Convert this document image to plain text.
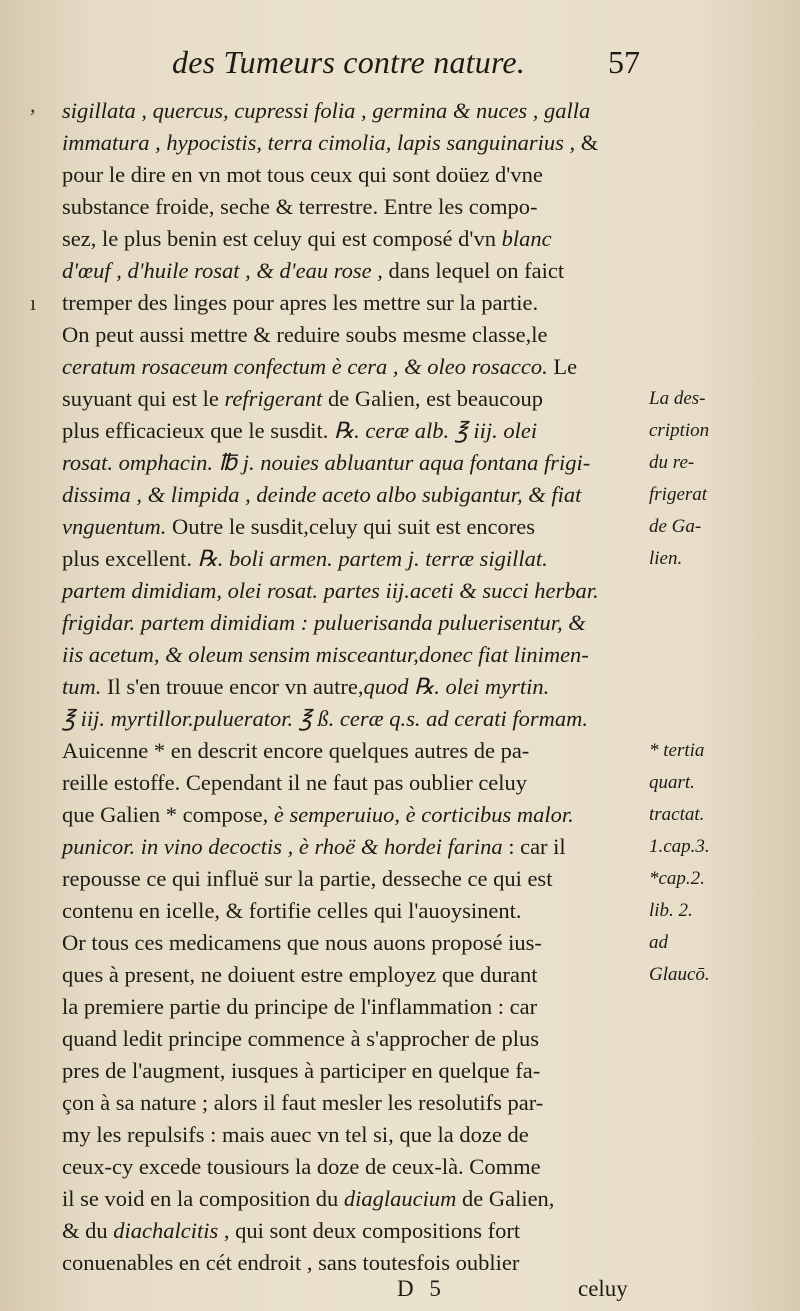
des Tumeurs contre nature.	57
sigillata , quercus, cupressi folia , germina & nuces , galla
immatura , hypocistis, terra cimolia, lapis sanguinarius , &
pour le dire en vn mot tous ceux qui sont doüez d'vne
substance froide, seche & terrestre. Entre les compo-
sez, le plus benin est celuy qui est composé d'vn blanc
d'œuf , d'huile rosat , & d'eau rose , dans lequel on faict
tremper des linges pour apres les mettre sur la partie.
On peut aussi mettre & reduire soubs mesme classe,le
ceratum rosaceum confectum è cera , & oleo rosacco. Le
suyuant qui est le refrigerant de Galien, est beaucoup
plus efficacieux que le susdit. ℞. ceræ alb. ℥ iij. olei
rosat. omphacin. ℔ j. nouies abluantur aqua fontana frigi-
dissima , & limpida , deinde aceto albo subigantur, & fiat
vnguentum. Outre le susdit,celuy qui suit est encores
plus excellent. ℞. boli armen. partem j. terræ sigillat.
partem dimidiam, olei rosat. partes iij.aceti & succi herbar.
frigidar. partem dimidiam : puluerisanda puluerisentur, &
iis acetum, & oleum sensim misceantur,donec fiat linimen-
tum. Il s'en trouue encor vn autre,quod ℞. olei myrtin.
℥ iij. myrtillor.puluerator. ℥ ß. ceræ q.s. ad cerati formam.
Auicenne * en descrit encore quelques autres de pa-
reille estoffe. Cependant il ne faut pas oublier celuy
que Galien * compose, è semperuiuo, è corticibus malor.
punicor. in vino decoctis , è rhoë & hordei farina : car il
repousse ce qui influë sur la partie, desseche ce qui est
contenu en icelle, & fortifie celles qui l'auoysinent.
Or tous ces medicamens que nous auons proposé ius-
ques à present, ne doiuent estre employez que durant
la premiere partie du principe de l'inflammation : car
quand ledit principe commence à s'approcher de plus
pres de l'augment, iusques à participer en quelque fa-
çon à sa nature ; alors il faut mesler les resolutifs par-
my les repulsifs : mais auec vn tel si, que la doze de
ceux-cy excede tousiours la doze de ceux-là. Comme
il se void en la composition du diaglaucium de Galien,
& du diachalcitis , qui sont deux compositions fort
conuenables en cét endroit , sans toutesfois oublier
La des-
cription
du re-
frigerat
de Ga-
lien.
* tertia
quart.
tractat.
1.cap.3.
*cap.2.
lib. 2.
ad
Glaucō.
D 5	celuy
,
ı
